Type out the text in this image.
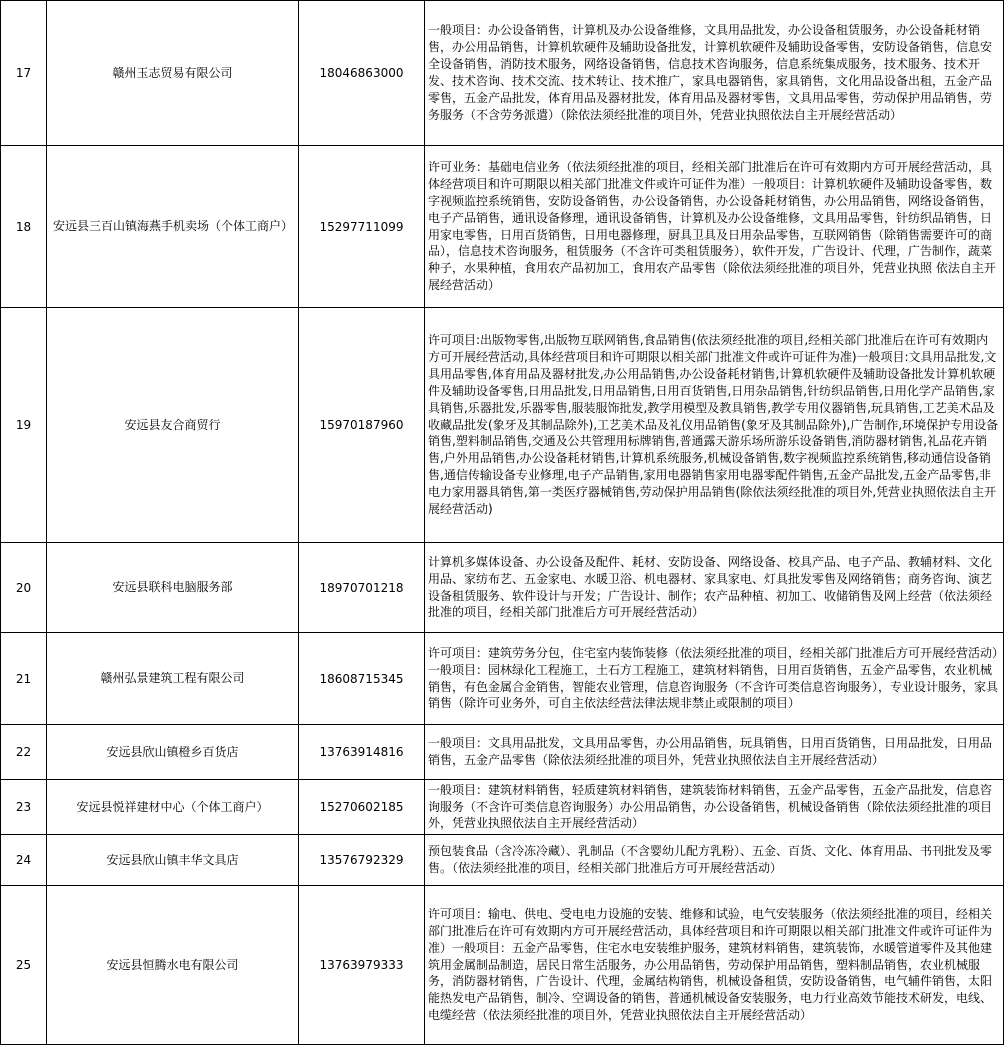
17	赣州玉志贸易有限公司	18046863000	一般项目：办公设备销售，计算机及办公设备维修，文具用品批发，办公设备租赁服务，办公设备耗材销售，办公用品销售，计算机软硬件及辅助设备批发，计算机软硬件及辅助设备零售，安防设备销售，信息安全设备销售，消防技术服务，网络设备销售，信息技术咨询服务，信息系统集成服务，技术服务、技术开发、技术咨询、技术交流、技术转让、技术推广，家具电器销售，家具销售，文化用品设备出租，五金产品零售，五金产品批发，体育用品及器材批发，体育用品及器材零售，文具用品零售，劳动保护用品销售，劳务服务（不含劳务派遣）（除依法须经批准的项目外，凭营业执照依法自主开展经营活动）
18	安远县三百山镇海燕手机卖场（个体工商户）	15297711099	许可业务：基础电信业务（依法须经批准的项目，经相关部门批准后在许可有效期内方可开展经营活动，具体经营项目和许可期限以相关部门批准文件或许可证件为准）一般项目：计算机软硬件及辅助设备零售，数字视频监控系统销售，安防设备销售，办公设备销售，办公设备耗材销售，办公用品销售，网络设备销售，电子产品销售，通讯设备修理，通讯设备销售，计算机及办公设备维修，文具用品零售，针纺织品销售，日用家电零售，日用百货销售，日用电器修理，厨具卫具及日用杂品零售，互联网销售（除销售需要许可的商品），信息技术咨询服务，租赁服务（不含许可类租赁服务），软件开发，广告设计、代理，广告制作，蔬菜种子，水果种植，食用农产品初加工，食用农产品零售（除依法须经批准的项目外，凭营业执照 依法自主开展经营活动）
19	安远县友合商贸行	15970187960	许可项目:出版物零售,出版物互联网销售,食品销售(依法须经批准的项目,经相关部门批准后在许可有效期内方可开展经营活动,具体经营项目和许可期限以相关部门批准文件或许可证件为准)一般项目:文具用品批发,文具用品零售,体育用品及器材批发,办公用品销售,办公设备耗材销售,计算机软硬件及辅助设备批发计算机软硬件及辅助设备零售,日用品批发,日用品销售,日用百货销售,日用杂品销售,针纺织品销售,日用化学产品销售,家具销售,乐器批发,乐器零售,服装服饰批发,教学用模型及教具销售,教学专用仪器销售,玩具销售,工艺美术品及收藏品批发(象牙及其制品除外),工艺美术品及礼仪用品销售(象牙及其制品除外),广告制作,环境保护专用设备销售,塑料制品销售,交通及公共管理用标牌销售,普通露天游乐场所游乐设备销售,消防器材销售,礼品花卉销售,户外用品销售,办公设备耗材销售,计算机系统服务,机械设备销售,数字视频监控系统销售,移动通信设备销售,通信传输设备专业修理,电子产品销售,家用电器销售家用电器零配件销售,五金产品批发,五金产品零售,非电力家用器具销售,第一类医疗器械销售,劳动保护用品销售(除依法须经批准的项目外,凭营业执照依法自主开展经营活动)
20	安远县联科电脑服务部	18970701218	计算机多媒体设备、办公设备及配件、耗材、安防设备、网络设备、校具产品、电子产品、教辅材料、文化用品、家纺布艺、五金家电、水暖卫浴、机电器材、家具家电、灯具批发零售及网络销售；商务咨询、演艺设备租赁服务、软件设计与开发；广告设计、制作；农产品种植、初加工、收储销售及网上经营（依法须经批准的项目，经相关部门批准后方可开展经营活动）
21	赣州弘景建筑工程有限公司	18608715345	许可项目：建筑劳务分包，住宅室内装饰装修（依法须经批准的项目，经相关部门批准后方可开展经营活动）一般项目：园林绿化工程施工，土石方工程施工，建筑材料销售，日用百货销售，五金产品零售，农业机械销售，有色金属合金销售，智能农业管理，信息咨询服务（不含许可类信息咨询服务），专业设计服务，家具销售（除许可业务外，可自主依法经营法律法规非禁止或限制的项目）
22	安远县欣山镇橙乡百货店	13763914816	一般项目：文具用品批发，文具用品零售，办公用品销售，玩具销售，日用百货销售，日用品批发，日用品销售，五金产品零售（除依法须经批准的项目外，凭营业执照依法自主开展经营活动）
23	安远县悦祥建材中心（个体工商户）	15270602185	一般项目：建筑材料销售，轻质建筑材料销售，建筑装饰材料销售，五金产品零售，五金产品批发，信息咨询服务（不含许可类信息咨询服务）办公用品销售，办公设备销售，机械设备销售（除依法须经批准的项目外，凭营业执照依法自主开展经营活动）
24	安远县欣山镇丰华文具店	13576792329	预包装食品（含冷冻冷藏）、乳制品（不含婴幼儿配方乳粉）、五金、百货、文化、体育用品、书刊批发及零售。（依法须经批准的项目，经相关部门批准后方可开展经营活动）
25	安远县恒腾水电有限公司	13763979333	许可项目：输电、供电、受电电力设施的安装、维修和试验，电气安装服务（依法须经批准的项目，经相关部门批准后在许可有效期内方可开展经营活动，具体经营项目和许可期限以相关部门批准文件或许可证件为准）一般项目：五金产品零售，住宅水电安装维护服务，建筑材料销售，建筑装饰，水暖管道零件及其他建筑用金属制品制造，居民日常生活服务，办公用品销售，劳动保护用品销售，塑料制品销售，农业机械服务，消防器材销售，广告设计、代理，金属结构销售，机械设备租赁，安防设备销售，电气辅件销售，太阳能热发电产品销售，制冷、空调设备的销售，普通机械设备安装服务，电力行业高效节能技术研发，电线、电缆经营（依法须经批准的项目外，凭营业执照依法自主开展经营活动）
